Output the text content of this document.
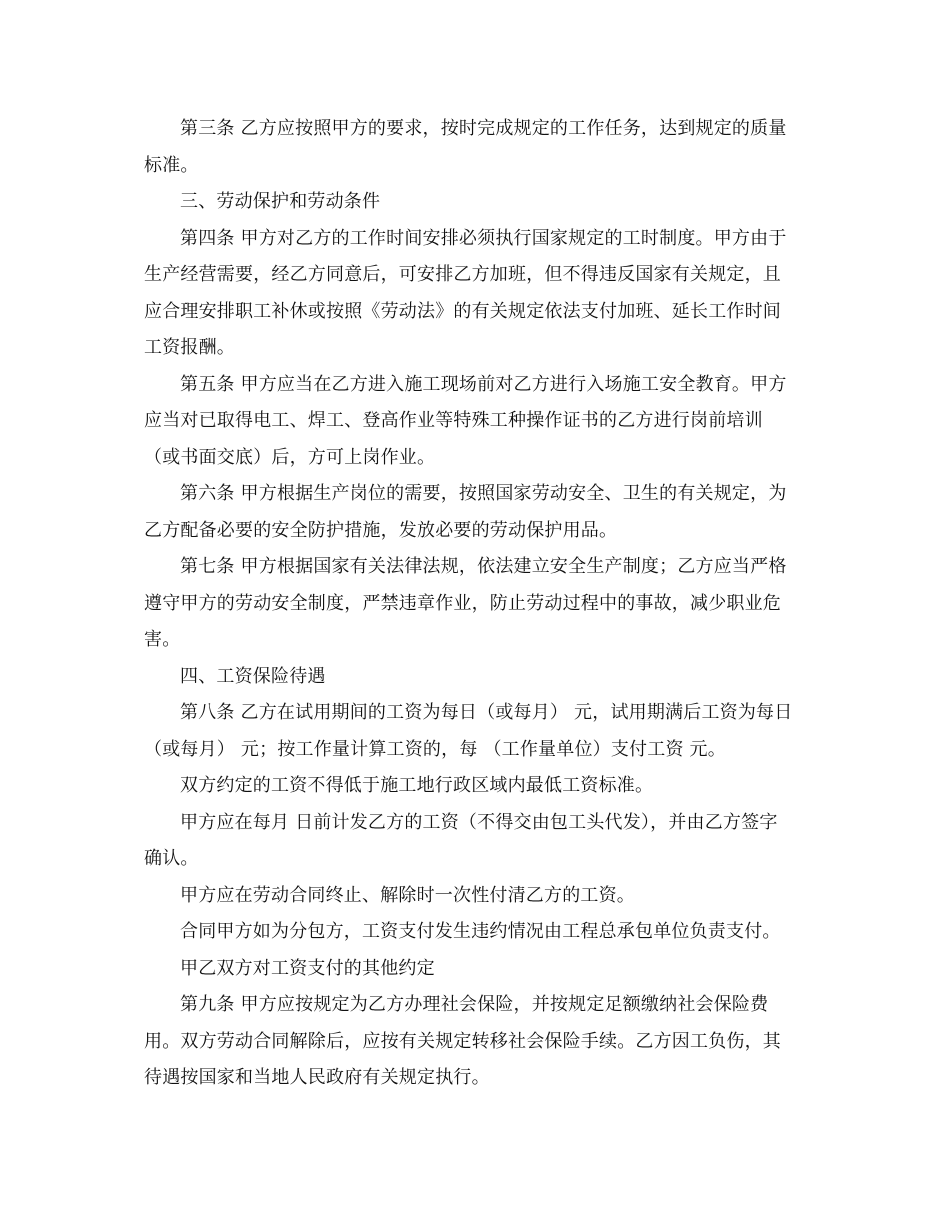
第三条 乙方应按照甲方的要求，按时完成规定的工作任务，达到规定的质量
标准。

三、劳动保护和劳动条件

第四条 甲方对乙方的工作时间安排必须执行国家规定的工时制度。甲方由于
生产经营需要，经乙方同意后，可安排乙方加班，但不得违反国家有关规定，且
应合理安排职工补休或按照《劳动法》的有关规定依法支付加班、延长工作时间
工资报酬。

第五条 甲方应当在乙方进入施工现场前对乙方进行入场施工安全教育。甲方
应当对已取得电工、焊工、登高作业等特殊工种操作证书的乙方进行岗前培训
（或书面交底）后，方可上岗作业。

第六条 甲方根据生产岗位的需要，按照国家劳动安全、卫生的有关规定，为
乙方配备必要的安全防护措施，发放必要的劳动保护用品。

第七条 甲方根据国家有关法律法规，依法建立安全生产制度；乙方应当严格
遵守甲方的劳动安全制度，严禁违章作业，防止劳动过程中的事故，减少职业危
害。

四、工资保险待遇

第八条 乙方在试用期间的工资为每日（或每月） 元，试用期满后工资为每日
（或每月） 元；按工作量计算工资的，每 （工作量单位）支付工资 元。

双方约定的工资不得低于施工地行政区域内最低工资标准。

甲方应在每月 日前计发乙方的工资（不得交由包工头代发），并由乙方签字
确认。

甲方应在劳动合同终止、解除时一次性付清乙方的工资。

合同甲方如为分包方，工资支付发生违约情况由工程总承包单位负责支付。

甲乙双方对工资支付的其他约定

第九条 甲方应按规定为乙方办理社会保险，并按规定足额缴纳社会保险费
用。双方劳动合同解除后，应按有关规定转移社会保险手续。乙方因工负伤，其
待遇按国家和当地人民政府有关规定执行。
